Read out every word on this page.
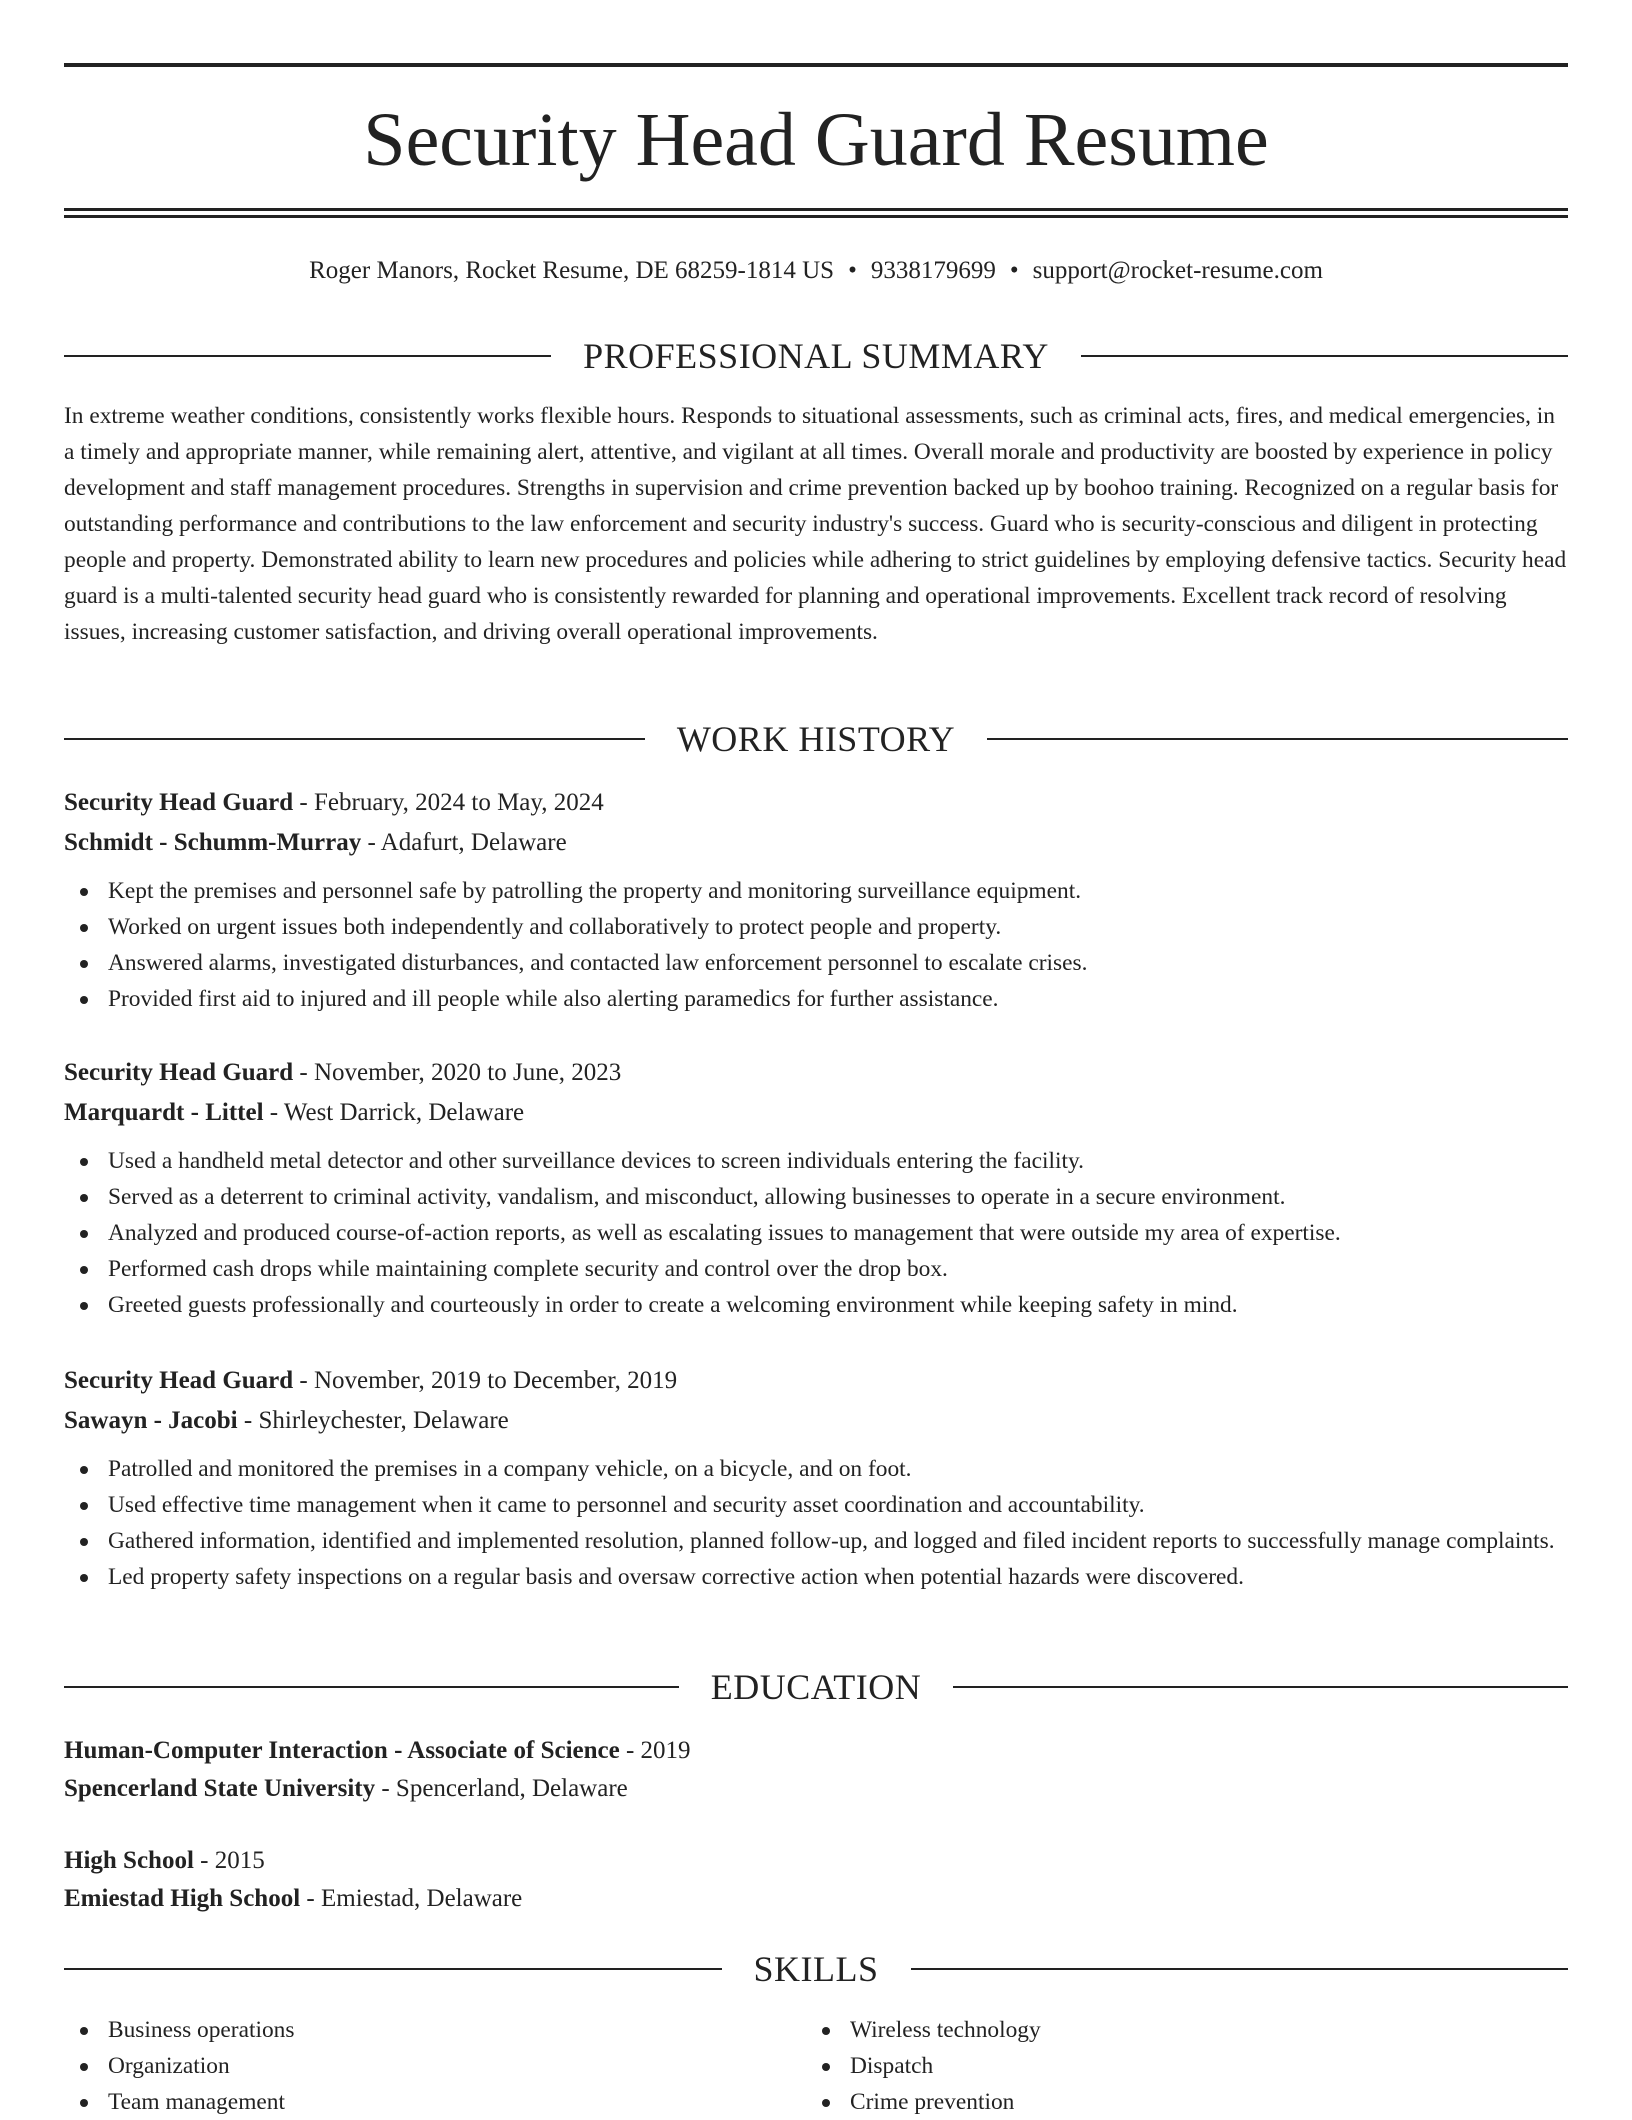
Security Head Guard Resume
Roger Manors, Rocket Resume, DE 68259-1814 US • 9338179699 • support@rocket-resume.com
PROFESSIONAL SUMMARY

In extreme weather conditions, consistently works flexible hours. Responds to situational assessments, such as criminal acts, fires, and medical emergencies, in a timely and appropriate manner, while remaining alert, attentive, and vigilant at all times. Overall morale and productivity are boosted by experience in policy development and staff management procedures. Strengths in supervision and crime prevention backed up by boohoo training. Recognized on a regular basis for outstanding performance and contributions to the law enforcement and security industry's success. Guard who is security-conscious and diligent in protecting people and property. Demonstrated ability to learn new procedures and policies while adhering to strict guidelines by employing defensive tactics. Security head guard is a multi-talented security head guard who is consistently rewarded for planning and operational improvements. Excellent track record of resolving issues, increasing customer satisfaction, and driving overall operational improvements.

WORK HISTORY

Security Head Guard - February, 2024 to May, 2024

Schmidt - Schumm-Murray - Adafurt, Delaware

Kept the premises and personnel safe by patrolling the property and monitoring surveillance equipment.
Worked on urgent issues both independently and collaboratively to protect people and property.
Answered alarms, investigated disturbances, and contacted law enforcement personnel to escalate crises.
Provided first aid to injured and ill people while also alerting paramedics for further assistance.

Security Head Guard - November, 2020 to June, 2023

Marquardt - Littel - West Darrick, Delaware

Used a handheld metal detector and other surveillance devices to screen individuals entering the facility.
Served as a deterrent to criminal activity, vandalism, and misconduct, allowing businesses to operate in a secure environment.
Analyzed and produced course-of-action reports, as well as escalating issues to management that were outside my area of expertise.
Performed cash drops while maintaining complete security and control over the drop box.
Greeted guests professionally and courteously in order to create a welcoming environment while keeping safety in mind.

Security Head Guard - November, 2019 to December, 2019

Sawayn - Jacobi - Shirleychester, Delaware

Patrolled and monitored the premises in a company vehicle, on a bicycle, and on foot.
Used effective time management when it came to personnel and security asset coordination and accountability.
Gathered information, identified and implemented resolution, planned follow-up, and logged and filed incident reports to successfully manage complaints.
Led property safety inspections on a regular basis and oversaw corrective action when potential hazards were discovered.
EDUCATION

Human-Computer Interaction - Associate of Science - 2019

Spencerland State University - Spencerland, Delaware

High School - 2015

Emiestad High School - Emiestad, Delaware

SKILLS
Business operations
Organization
Team management
Wireless technology
Dispatch
Crime prevention
